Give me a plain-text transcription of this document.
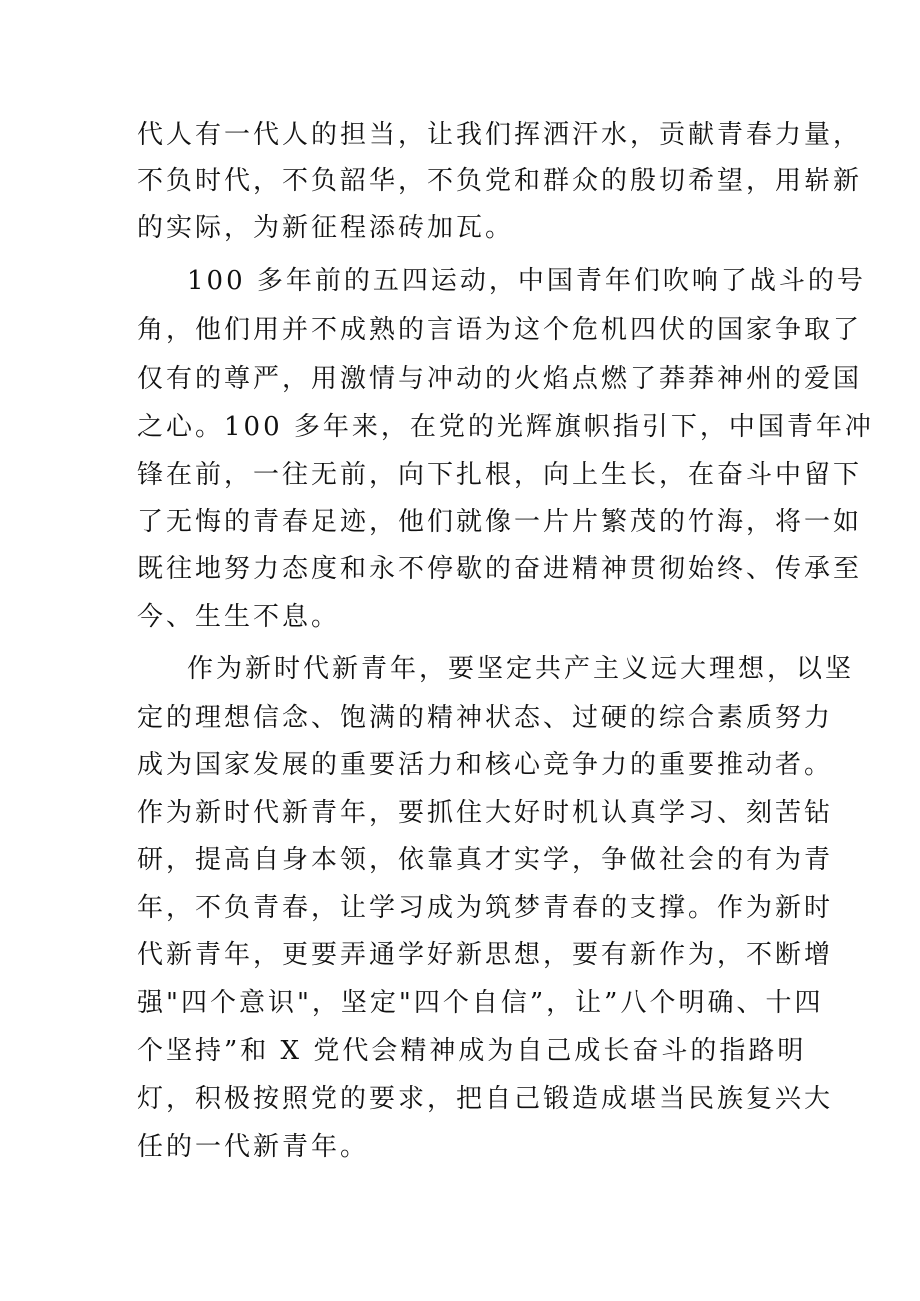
代人有一代人的担当，让我们挥洒汗水，贡献青春力量，
不负时代，不负韶华，不负党和群众的殷切希望，用崭新
的实际，为新征程添砖加瓦。
100 多年前的五四运动，中国青年们吹响了战斗的号
角，他们用并不成熟的言语为这个危机四伏的国家争取了
仅有的尊严，用激情与冲动的火焰点燃了莽莽神州的爱国
之心。100 多年来，在党的光辉旗帜指引下，中国青年冲
锋在前，一往无前，向下扎根，向上生长，在奋斗中留下
了无悔的青春足迹，他们就像一片片繁茂的竹海，将一如
既往地努力态度和永不停歇的奋进精神贯彻始终、传承至
今、生生不息。
作为新时代新青年，要坚定共产主义远大理想，以坚
定的理想信念、饱满的精神状态、过硬的综合素质努力
成为国家发展的重要活力和核心竞争力的重要推动者。
作为新时代新青年，要抓住大好时机认真学习、刻苦钻
研，提高自身本领，依靠真才实学，争做社会的有为青
年，不负青春，让学习成为筑梦青春的支撑。作为新时
代新青年，更要弄通学好新思想，要有新作为，不断增
强"四个意识"，坚定"四个自信”，让”八个明确、十四
个坚持”和 X 党代会精神成为自己成长奋斗的指路明
灯，积极按照党的要求，把自己锻造成堪当民族复兴大
任的一代新青年。
